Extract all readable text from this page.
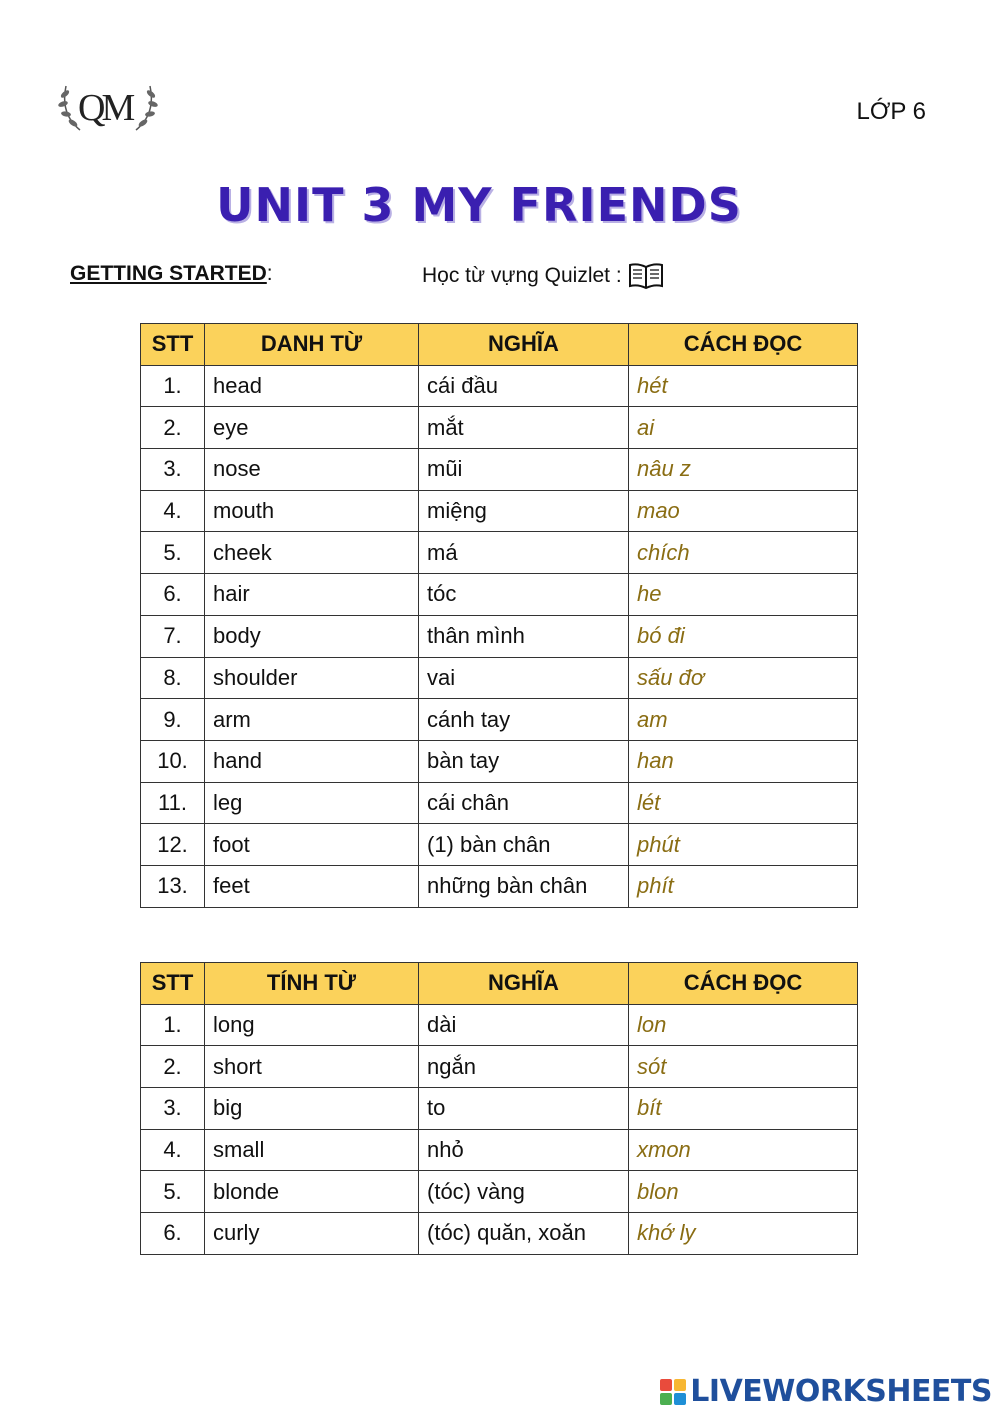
QM	LỚP 6
UNIT 3 MY FRIENDS
GETTING STARTED:	Học từ vựng Quizlet :
STT	DANH TỪ	NGHĨA	CÁCH ĐỌC
1.	head	cái đầu	hét
2.	eye	mắt	ai
3.	nose	mũi	nâu z
4.	mouth	miệng	mao
5.	cheek	má	chích
6.	hair	tóc	he
7.	body	thân mình	bó đi
8.	shoulder	vai	sấu đơ
9.	arm	cánh tay	am
10.	hand	bàn tay	han
11.	leg	cái chân	lét
12.	foot	(1) bàn chân	phút
13.	feet	những bàn chân	phít
STT	TÍNH TỪ	NGHĨA	CÁCH ĐỌC
1.	long	dài	lon
2.	short	ngắn	sót
3.	big	to	bít
4.	small	nhỏ	xmon
5.	blonde	(tóc) vàng	blon
6.	curly	(tóc) quăn, xoăn	khớ ly
LIVEWORKSHEETS
